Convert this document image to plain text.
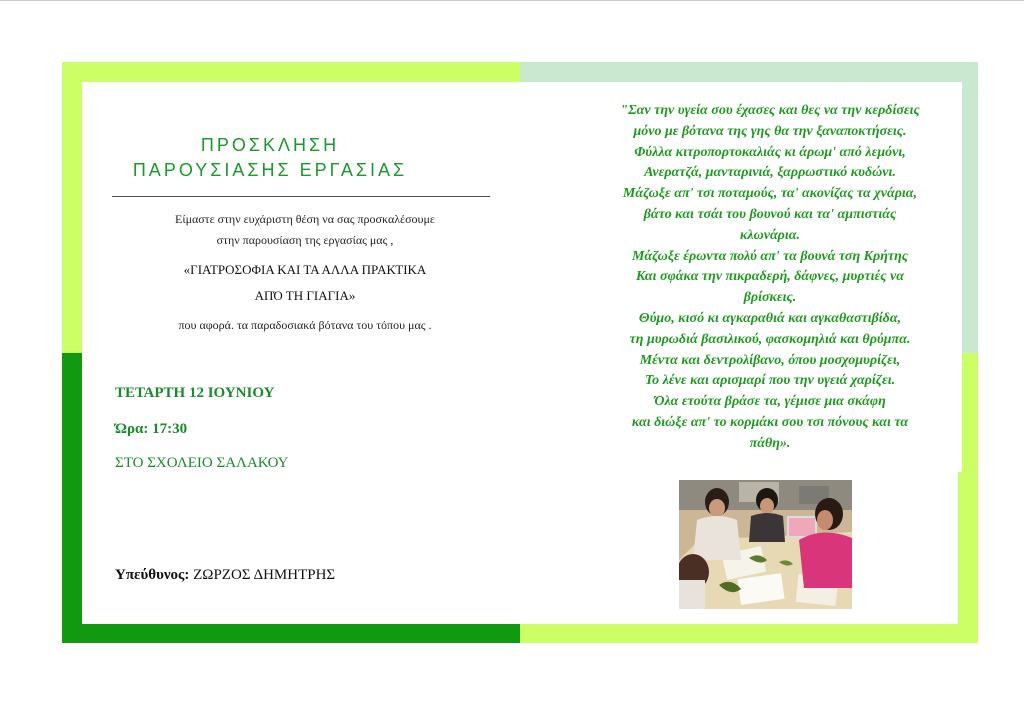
ΠΡΟΣΚΛΗΣΗ
ΠΑΡΟΥΣΙΑΣΗΣ ΕΡΓΑΣΙΑΣ
Είμαστε στην ευχάριστη θέση να σας προσκαλέσουμε
στην παρουσίαση της εργασίας μας ,
«ΓΙΑΤΡΟΣΟΦΙΑ ΚΑΙ ΤΑ ΑΛΛΑ ΠΡΑΚΤΙΚΑ
ΑΠΌ ΤΗ ΓΙΑΓΙΑ»
που αφορά. τα παραδοσιακά βότανα του τόπου μας .
ΤΕΤΑΡΤΗ 12 ΙΟΥΝΙΟΥ
Ώρα: 17:30
ΣΤΟ ΣΧΟΛΕΙΟ ΣΑΛΑΚΟΥ
Υπεύθυνος: ΖΩΡΖΟΣ ΔΗΜΗΤΡΗΣ
"Σαν την υγεία σου έχασες και θες να την κερδίσεις
μόνο με βότανα της γης θα την ξαναποκτήσεις.
Φύλλα κιτροπορτοκαλιάς κι άρωμ' από λεμόνι,
Ανερατζά, μανταρινιά, ξαρρωστικό κυδώνι.
Μάζωξε απ' τσι ποταμούς, τα' ακονίζας τα χνάρια,
βάτο και τσάι του βουνού και τα' αμπιστιάς
κλωνάρια.
Μάζωξε έρωντα πολύ απ' τα βουνά τση Κρήτης
Και σφάκα την πικραδερή, δάφνες, μυρτιές να
βρίσκεις.
Θύμο, κισό κι αγκαραθιά και αγκαθαστιβίδα,
τη μυρωδιά βασιλικού, φασκομηλιά και θρύμπα.
Μέντα και δεντρολίβανο, όπου μοσχομυρίζει,
Το λένε και αρισμαρί που την υγειά χαρίζει.
Όλα ετούτα βράσε τα, γέμισε μια σκάφη
και διώξε απ' το κορμάκι σου τσι πόνους και τα
πάθη».
